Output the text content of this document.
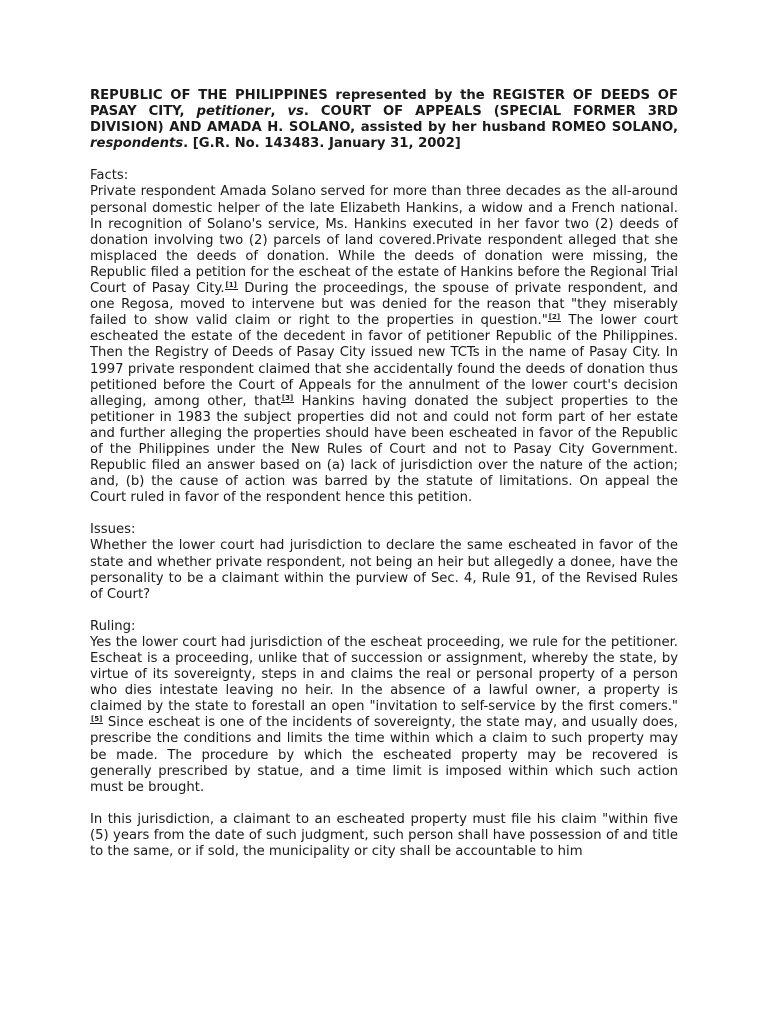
REPUBLIC OF THE PHILIPPINES represented by the REGISTER OF DEEDS OF PASAY CITY, petitioner, vs. COURT OF APPEALS (SPECIAL FORMER 3RD DIVISION) AND AMADA H. SOLANO, assisted by her husband ROMEO SOLANO, respondents. [G.R. No. 143483. January 31, 2002]

Facts:

Private respondent Amada Solano served for more than three decades as the all-around personal domestic helper of the late Elizabeth Hankins, a widow and a French national. In recognition of Solano's service, Ms. Hankins executed in her favor two (2) deeds of donation involving two (2) parcels of land covered.Private respondent alleged that she misplaced the deeds of donation. While the deeds of donation were missing, the Republic filed a petition for the escheat of the estate of Hankins before the Regional Trial Court of Pasay City.[1] During the proceedings, the spouse of private respondent, and one Regosa, moved to intervene but was denied for the reason that "they miserably failed to show valid claim or right to the properties in question."[2] The lower court escheated the estate of the decedent in favor of petitioner Republic of the Philippines. Then the Registry of Deeds of Pasay City issued new TCTs in the name of Pasay City. In 1997 private respondent claimed that she accidentally found the deeds of donation thus petitioned before the Court of Appeals for the annulment of the lower court's decision alleging, among other, that[3] Hankins having donated the subject properties to the petitioner in 1983 the subject properties did not and could not form part of her estate and further alleging the properties should have been escheated in favor of the Republic of the Philippines under the New Rules of Court and not to Pasay City Government. Republic filed an answer based on (a) lack of jurisdiction over the nature of the action; and, (b) the cause of action was barred by the statute of limitations. On appeal the Court ruled in favor of the respondent hence this petition.

Issues:

Whether the lower court had jurisdiction to declare the same escheated in favor of the state and whether private respondent, not being an heir but allegedly a donee, have the personality to be a claimant within the purview of Sec. 4, Rule 91, of the Revised Rules of Court?

Ruling:

Yes the lower court had jurisdiction of the escheat proceeding, we rule for the petitioner. Escheat is a proceeding, unlike that of succession or assignment, whereby the state, by virtue of its sovereignty, steps in and claims the real or personal property of a person who dies intestate leaving no heir. In the absence of a lawful owner, a property is claimed by the state to forestall an open "invitation to self-service by the first comers."[5] Since escheat is one of the incidents of sovereignty, the state may, and usually does, prescribe the conditions and limits the time within which a claim to such property may be made. The procedure by which the escheated property may be recovered is generally prescribed by statue, and a time limit is imposed within which such action must be brought.

In this jurisdiction, a claimant to an escheated property must file his claim "within five (5) years from the date of such judgment, such person shall have possession of and title to the same, or if sold, the municipality or city shall be accountable to him
